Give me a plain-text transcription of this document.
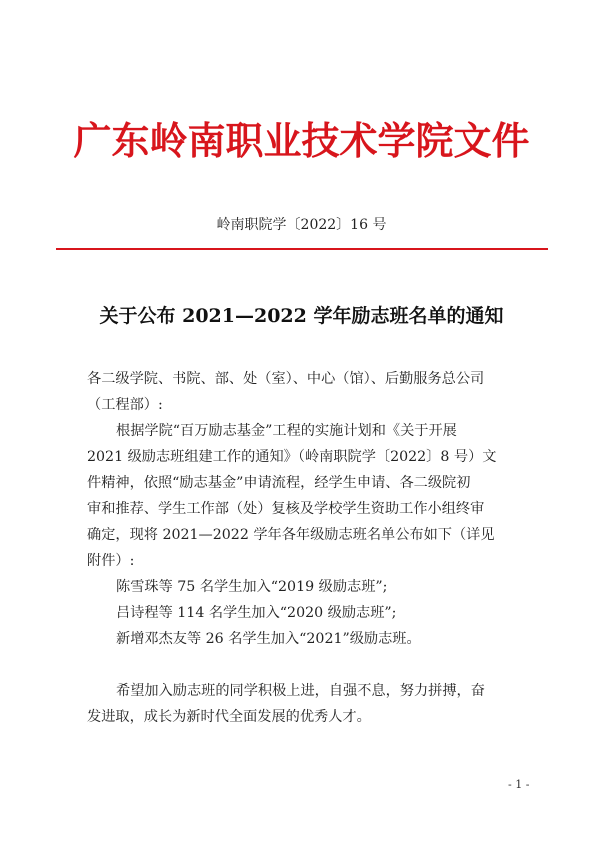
广东岭南职业技术学院文件
岭南职院学〔2022〕16 号
关于公布 2021—2022 学年励志班名单的通知
各二级学院、书院、部、处（室）、中心（馆）、后勤服务总公司
（工程部）:
根据学院“百万励志基金”工程的实施计划和《关于开展
2021 级励志班组建工作的通知》（岭南职院学〔2022〕8 号）文
件精神，依照“励志基金”申请流程，经学生申请、各二级院初
审和推荐、学生工作部（处）复核及学校学生资助工作小组终审
确定，现将 2021—2022 学年各年级励志班名单公布如下（详见
附件）:
陈雪珠等 75 名学生加入“2019 级励志班”;
吕诗程等 114 名学生加入“2020 级励志班”;
新增邓杰友等 26 名学生加入“2021”级励志班。
希望加入励志班的同学积极上进，自强不息，努力拼搏，奋
发进取，成长为新时代全面发展的优秀人才。
- 1 -
